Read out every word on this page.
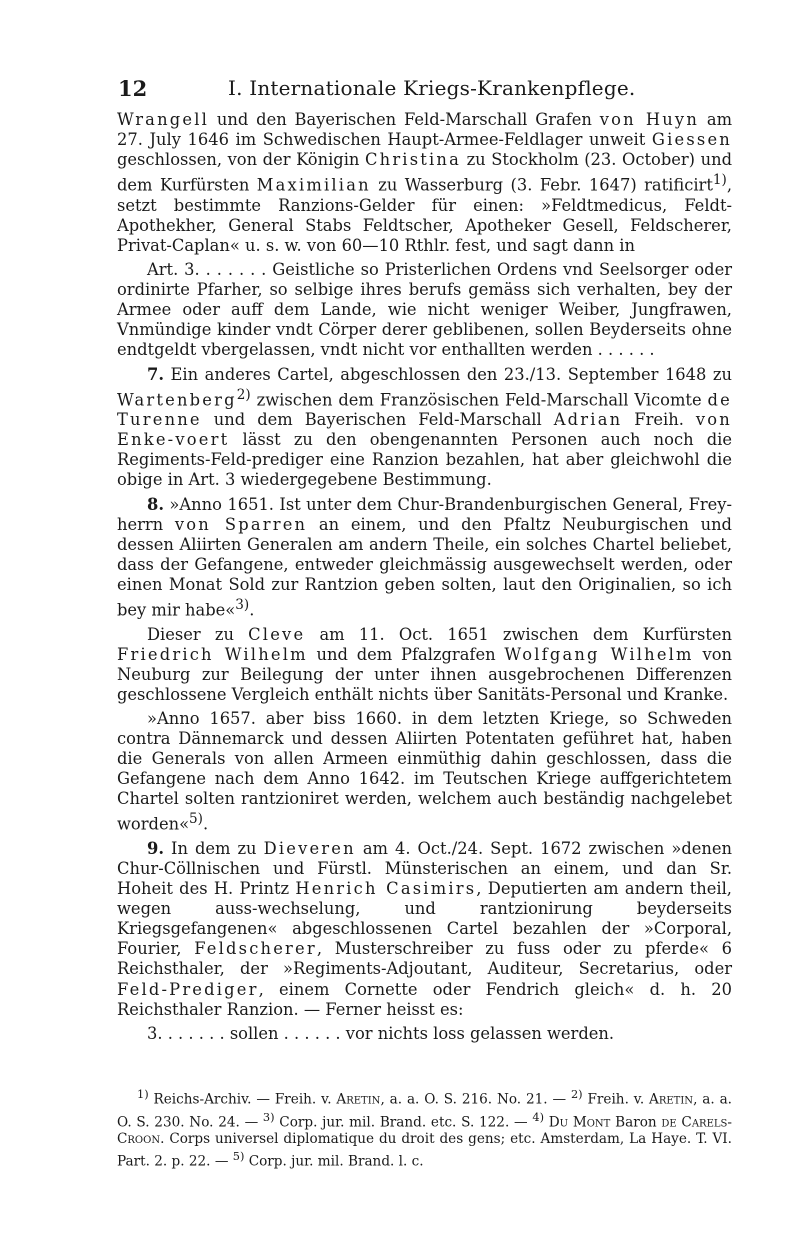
12	I. Internationale Kriegs-Krankenpflege.

Wrangell und den Bayerischen Feld-Marschall Grafen von Huyn am 27. July 1646 im Schwedischen Haupt-Armee-Feldlager unweit Giessen geschlossen, von der Königin Christina zu Stockholm (23. October) und dem Kurfürsten Maximilian zu Wasserburg (3. Febr. 1647) ratificirt$^{1)}$, setzt bestimmte Ranzions-Gelder für einen: »Feldtmedicus, Feldt-Apothekher, General Stabs Feldtscher, Apotheker Gesell, Feldscherer, Privat-Caplan« u. s. w. von 60—10 Rthlr. fest, und sagt dann in

Art. 3. . . . . . . Geistliche so Pristerlichen Ordens vnd Seelsorger oder ordinirte Pfarher, so selbige ihres berufs gemäss sich verhalten, bey der Armee oder auff dem Lande, wie nicht weniger Weiber, Jungfrawen, Vnmündige kinder vndt Cörper derer geblibenen, sollen Beyderseits ohne endtgeldt vbergelassen, vndt nicht vor enthallten werden . . . . . .

7. Ein anderes Cartel, abgeschlossen den 23./13. September 1648 zu Wartenberg$^{2)}$ zwischen dem Französischen Feld-Marschall Vicomte de Turenne und dem Bayerischen Feld-Marschall Adrian Freih. von Enke-voert lässt zu den obengenannten Personen auch noch die Regiments-Feld-prediger eine Ranzion bezahlen, hat aber gleichwohl die obige in Art. 3 wiedergegebene Bestimmung.

8. »Anno 1651. Ist unter dem Chur-Brandenburgischen General, Frey-herrn von Sparren an einem, und den Pfaltz Neuburgischen und dessen Aliirten Generalen am andern Theile, ein solches Chartel beliebet, dass der Gefangene, entweder gleichmässig ausgewechselt werden, oder einen Monat Sold zur Rantzion geben solten, laut den Originalien, so ich bey mir habe«$^{3)}$.

Dieser zu Cleve am 11. Oct. 1651 zwischen dem Kurfürsten Friedrich Wilhelm und dem Pfalzgrafen Wolfgang Wilhelm von Neuburg zur Beilegung der unter ihnen ausgebrochenen Differenzen geschlossene Vergleich enthält nichts über Sanitäts-Personal und Kranke.

»Anno 1657. aber biss 1660. in dem letzten Kriege, so Schweden contra Dännemarck und dessen Aliirten Potentaten geführet hat, haben die Generals von allen Armeen einmüthig dahin geschlossen, dass die Gefangene nach dem Anno 1642. im Teutschen Kriege auffgerichtetem Chartel solten rantzioniret werden, welchem auch beständig nachgelebet worden«$^{5)}$.

9. In dem zu Dieveren am 4. Oct./24. Sept. 1672 zwischen »denen Chur-Cöllnischen und Fürstl. Münsterischen an einem, und dan Sr. Hoheit des H. Printz Henrich Casimirs, Deputierten am andern theil, wegen auss-wechselung, und rantzionirung beyderseits Kriegsgefangenen« abgeschlossenen Cartel bezahlen der »Corporal, Fourier, Feldscherer, Musterschreiber zu fuss oder zu pferde« 6 Reichsthaler, der »Regiments-Adjoutant, Auditeur, Secretarius, oder Feld-Prediger, einem Cornette oder Fendrich gleich« d. h. 20 Reichsthaler Ranzion. — Ferner heisst es:

3. . . . . . . sollen . . . . . . vor nichts loss gelassen werden.

$^{1)}$ Reichs-Archiv. — Freih. v. Aretin, a. a. O. S. 216. No. 21. — $^{2)}$ Freih. v. Aretin, a. a. O. S. 230. No. 24. — $^{3)}$ Corp. jur. mil. Brand. etc. S. 122. — $^{4)}$ Du Mont Baron de Carels-Croon. Corps universel diplomatique du droit des gens; etc. Amsterdam, La Haye. T. VI. Part. 2. p. 22. — $^{5)}$ Corp. jur. mil. Brand. l. c.
